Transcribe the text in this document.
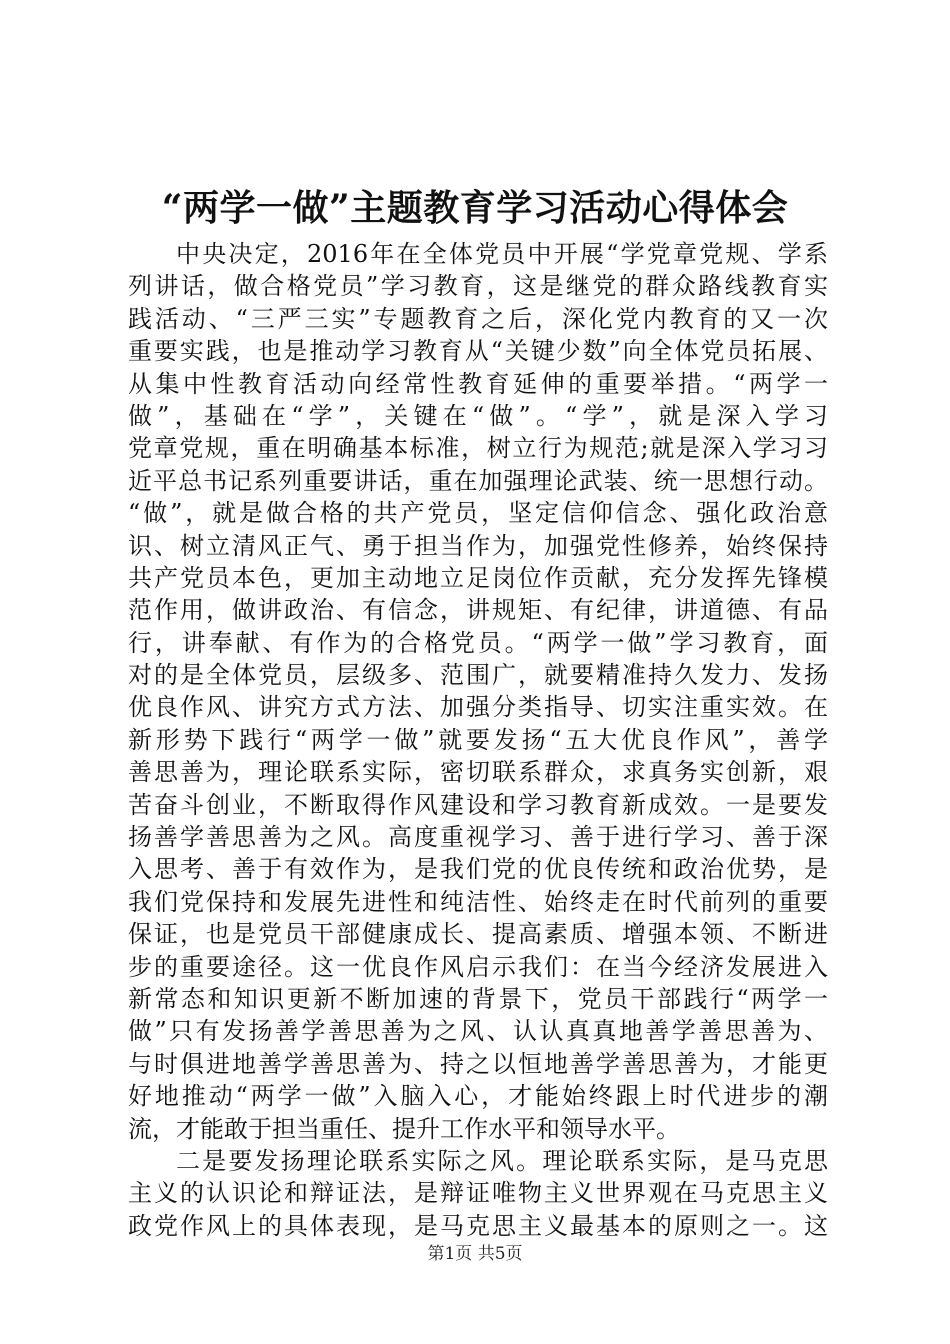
“两学一做”主题教育学习活动心得体会
中央决定，2016年在全体党员中开展“学党章党规、学系
列讲话，做合格党员”学习教育，这是继党的群众路线教育实
践活动、“三严三实”专题教育之后，深化党内教育的又一次
重要实践，也是推动学习教育从“关键少数”向全体党员拓展、
从集中性教育活动向经常性教育延伸的重要举措。“两学一
做”，基础在“学”，关键在“做”。“学”，就是深入学习
党章党规，重在明确基本标准，树立行为规范;就是深入学习习
近平总书记系列重要讲话，重在加强理论武装、统一思想行动。
“做”，就是做合格的共产党员，坚定信仰信念、强化政治意
识、树立清风正气、勇于担当作为，加强党性修养，始终保持
共产党员本色，更加主动地立足岗位作贡献，充分发挥先锋模
范作用，做讲政治、有信念，讲规矩、有纪律，讲道德、有品
行，讲奉献、有作为的合格党员。“两学一做”学习教育，面
对的是全体党员，层级多、范围广，就要精准持久发力、发扬
优良作风、讲究方式方法、加强分类指导、切实注重实效。在
新形势下践行“两学一做”就要发扬“五大优良作风”，善学
善思善为，理论联系实际，密切联系群众，求真务实创新，艰
苦奋斗创业，不断取得作风建设和学习教育新成效。一是要发
扬善学善思善为之风。高度重视学习、善于进行学习、善于深
入思考、善于有效作为，是我们党的优良传统和政治优势，是
我们党保持和发展先进性和纯洁性、始终走在时代前列的重要
保证，也是党员干部健康成长、提高素质、增强本领、不断进
步的重要途径。这一优良作风启示我们：在当今经济发展进入
新常态和知识更新不断加速的背景下，党员干部践行“两学一
做”只有发扬善学善思善为之风、认认真真地善学善思善为、
与时俱进地善学善思善为、持之以恒地善学善思善为，才能更
好地推动“两学一做”入脑入心，才能始终跟上时代进步的潮
流，才能敢于担当重任、提升工作水平和领导水平。
二是要发扬理论联系实际之风。理论联系实际，是马克思
主义的认识论和辩证法，是辩证唯物主义世界观在马克思主义
政党作风上的具体表现，是马克思主义最基本的原则之一。这
第1页 共5页
